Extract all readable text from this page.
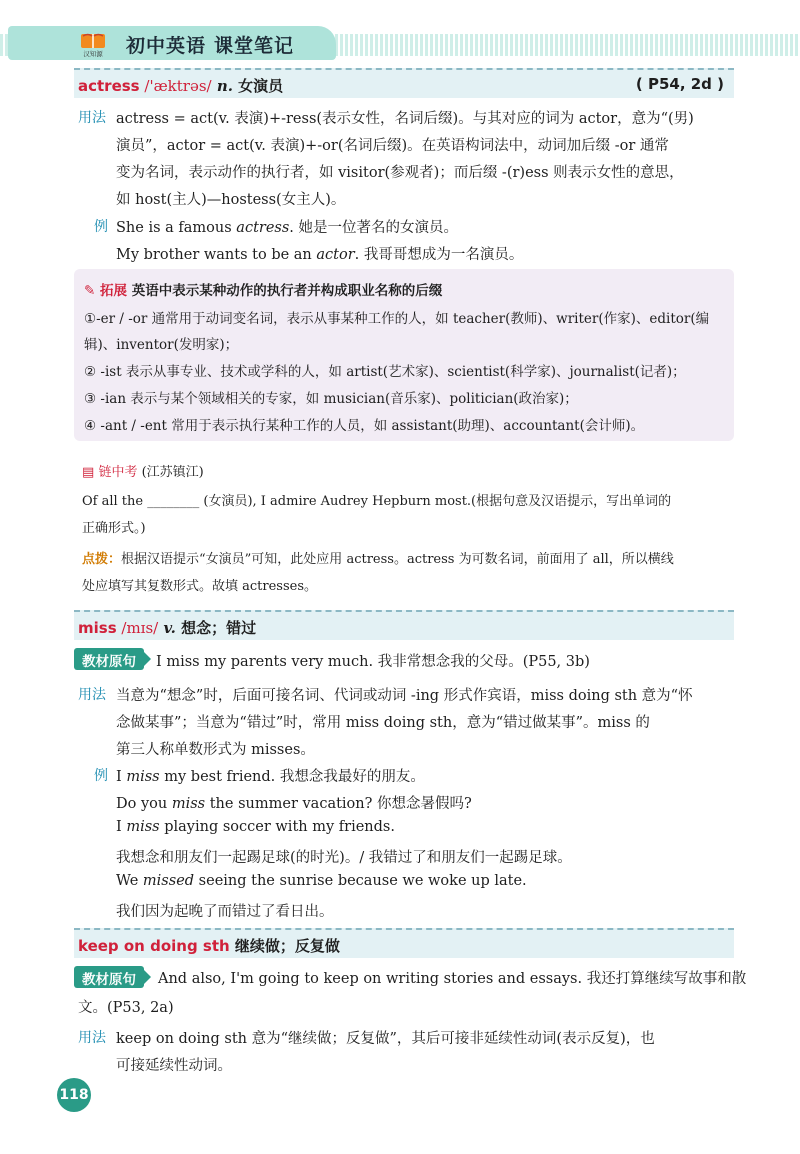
汉知源 初中英语 课堂笔记
actress /'æktrəs/ n. 女演员	( P54, 2d )
用法 actress = act(v. 表演)+-ress(表示女性，名词后缀)。与其对应的词为 actor，意为“(男)
演员”，actor = act(v. 表演)+-or(名词后缀)。在英语构词法中，动词加后缀 -or 通常
变为名词，表示动作的执行者，如 visitor(参观者)；而后缀 -(r)ess 则表示女性的意思，
如 host(主人)—hostess(女主人)。
例 She is a famous actress. 她是一位著名的女演员。
My brother wants to be an actor. 我哥哥想成为一名演员。
✎ 拓展 英语中表示某种动作的执行者并构成职业名称的后缀
①-er / -or 通常用于动词变名词，表示从事某种工作的人，如 teacher(教师)、writer(作家)、editor(编
辑)、inventor(发明家)；
② -ist 表示从事专业、技术或学科的人，如 artist(艺术家)、scientist(科学家)、journalist(记者)；
③ -ian 表示与某个领域相关的专家，如 musician(音乐家)、politician(政治家)；
④ -ant / -ent 常用于表示执行某种工作的人员，如 assistant(助理)、accountant(会计师)。
▤ 链中考 (江苏镇江)
Of all the ________ (女演员), I admire Audrey Hepburn most.(根据句意及汉语提示，写出单词的
正确形式。)
点拨：根据汉语提示“女演员”可知，此处应用 actress。actress 为可数名词，前面用了 all，所以横线
处应填写其复数形式。故填 actresses。
miss /mɪs/ v. 想念；错过
教材原句	I miss my parents very much. 我非常想念我的父母。(P55, 3b)
用法 当意为“想念”时，后面可接名词、代词或动词 -ing 形式作宾语，miss doing sth 意为“怀
念做某事”；当意为“错过”时，常用 miss doing sth，意为“错过做某事”。miss 的
第三人称单数形式为 misses。
例 I miss my best friend. 我想念我最好的朋友。
Do you miss the summer vacation? 你想念暑假吗?
I miss playing soccer with my friends.
我想念和朋友们一起踢足球(的时光)。/ 我错过了和朋友们一起踢足球。
We missed seeing the sunrise because we woke up late.
我们因为起晚了而错过了看日出。
keep on doing sth 继续做；反复做
教材原句	And also, I'm going to keep on writing stories and essays. 我还打算继续写故事和散
文。(P53, 2a)
用法 keep on doing sth 意为“继续做；反复做”，其后可接非延续性动词(表示反复)，也
可接延续性动词。
118
